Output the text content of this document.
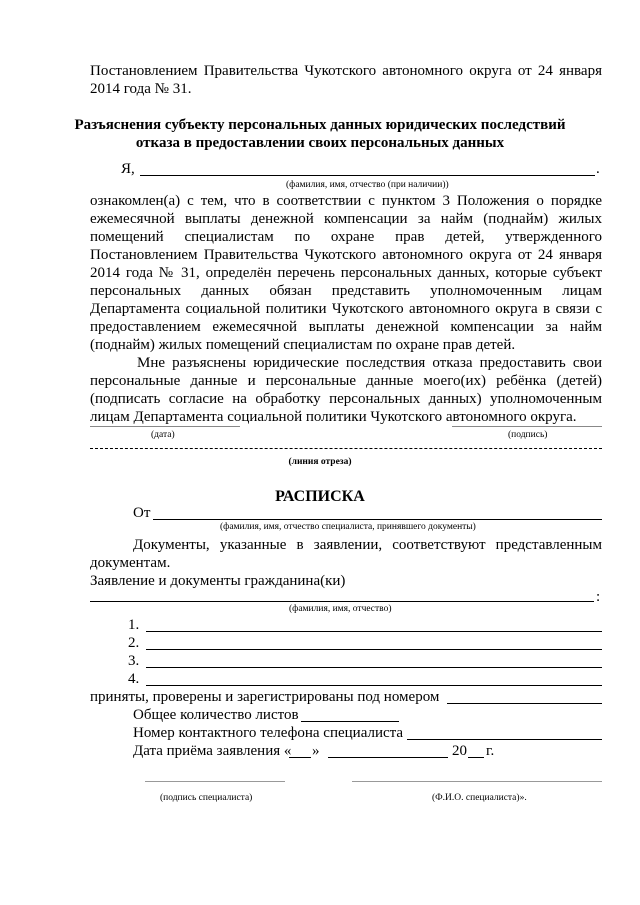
Постановлением Правительства Чукотского автономного округа от 24 января
2014 года № 31.
Разъяснения субъекту персональных данных юридических последствий
отказа в предоставлении своих персональных данных
Я,	.
(фамилия, имя, отчество (при наличии))
ознакомлен(а) с тем, что в соответствии с пунктом 3 Положения о порядке
ежемесячной выплаты денежной компенсации за найм (поднайм) жилых
помещений специалистам по охране прав детей, утвержденного
Постановлением Правительства Чукотского автономного округа от 24 января
2014 года № 31, определён перечень персональных данных, которые субъект
персональных данных обязан представить уполномоченным лицам
Департамента социальной политики Чукотского автономного округа в связи с
предоставлением ежемесячной выплаты денежной компенсации за найм
(поднайм) жилых помещений специалистам по охране прав детей.
Мне разъяснены юридические последствия отказа предоставить свои
персональные данные и персональные данные моего(их) ребёнка (детей)
(подписать согласие на обработку персональных данных) уполномоченным
лицам Департамента социальной политики Чукотского автономного округа.
(дата)	(подпись)
(линия отреза)
РАСПИСКА
От
(фамилия, имя, отчество специалиста, принявшего документы)
Документы, указанные в заявлении, соответствуют представленным
документам.
Заявление и документы гражданина(ки)
:
(фамилия, имя, отчество)
1.
2.
3.
4.
приняты, проверены и зарегистрированы под номером
Общее количество листов
Номер контактного телефона специалиста
Дата приёма заявления « »	20 г.
(подпись специалиста)	(Ф.И.О. специалиста)».
